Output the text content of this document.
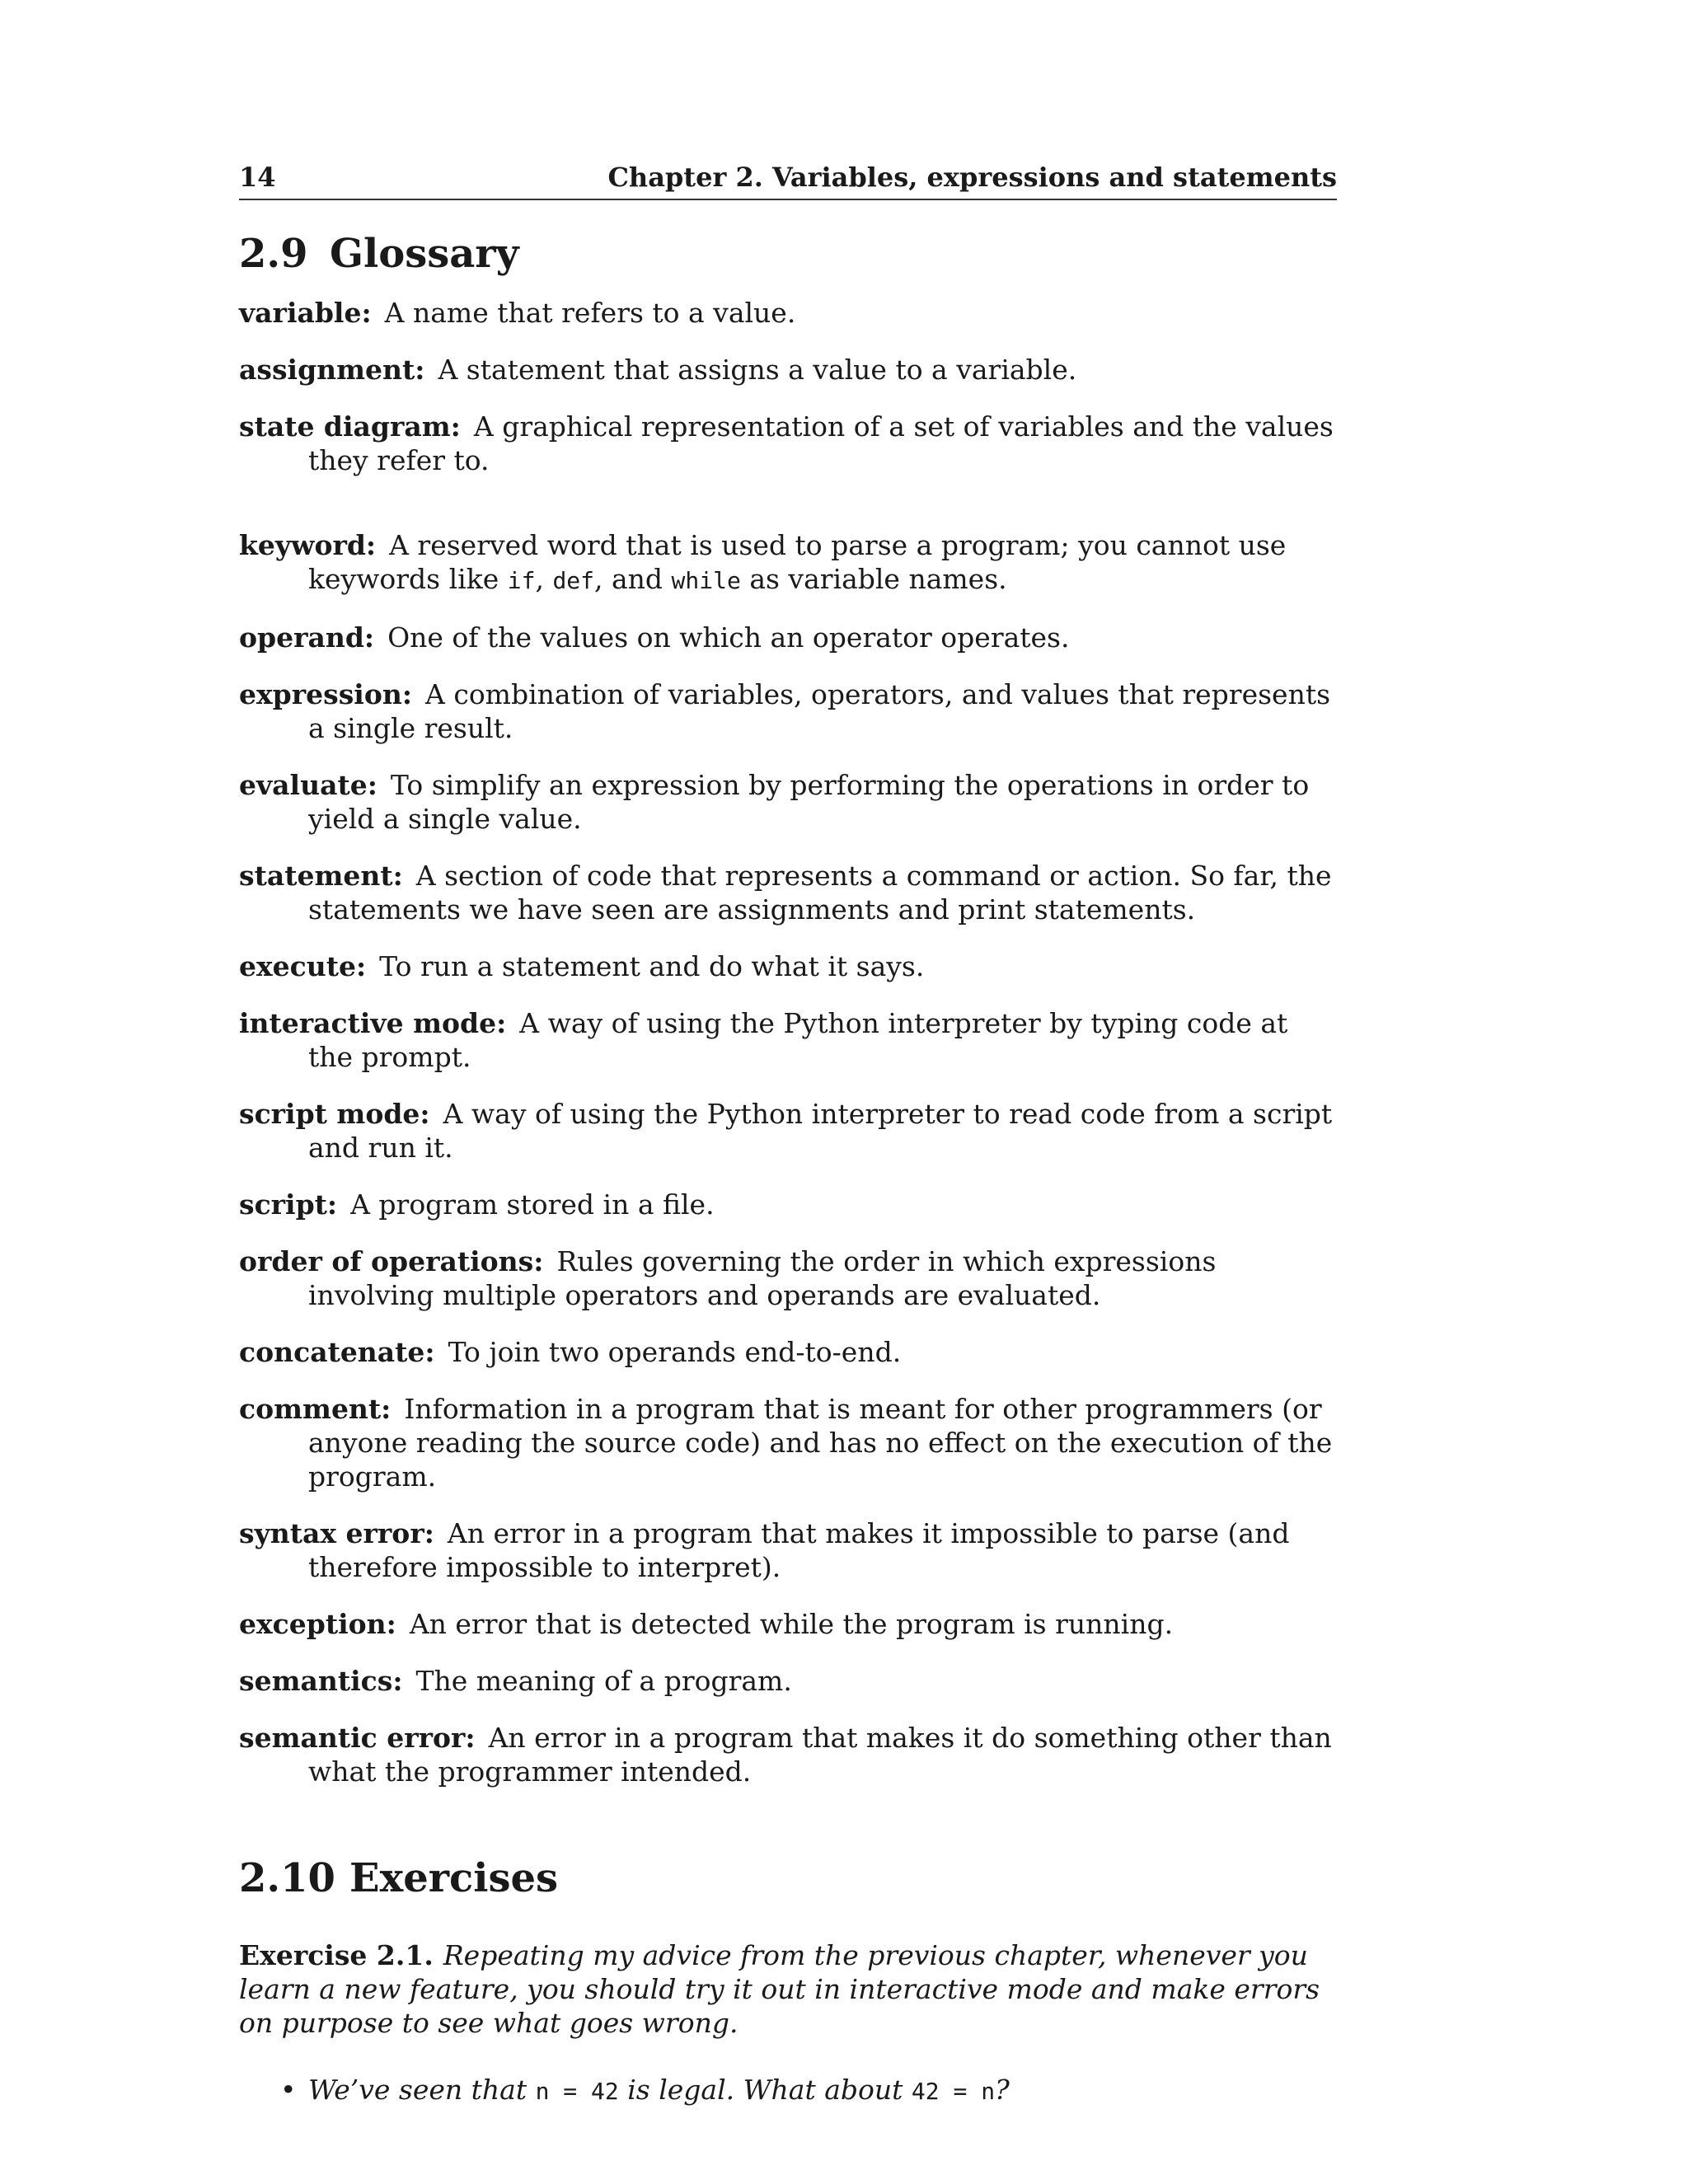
14	Chapter 2. Variables, expressions and statements
2.9 Glossary

variable: A name that refers to a value.

assignment: A statement that assigns a value to a variable.

state diagram: A graphical representation of a set of variables and the values they refer to.

keyword: A reserved word that is used to parse a program; you cannot use keywords like if, def, and while as variable names.

operand: One of the values on which an operator operates.

expression: A combination of variables, operators, and values that represents a single result.

evaluate: To simplify an expression by performing the operations in order to yield a single value.

statement: A section of code that represents a command or action. So far, the statements we have seen are assignments and print statements.

execute: To run a statement and do what it says.

interactive mode: A way of using the Python interpreter by typing code at the prompt.

script mode: A way of using the Python interpreter to read code from a script and run it.

script: A program stored in a file.

order of operations: Rules governing the order in which expressions involving multiple operators and operands are evaluated.

concatenate: To join two operands end-to-end.

comment: Information in a program that is meant for other programmers (or anyone reading the source code) and has no effect on the execution of the program.

syntax error: An error in a program that makes it impossible to parse (and therefore impossible to interpret).

exception: An error that is detected while the program is running.

semantics: The meaning of a program.

semantic error: An error in a program that makes it do something other than what the programmer intended.

2.10 Exercises

Exercise 2.1. Repeating my advice from the previous chapter, whenever you learn a new feature, you should try it out in interactive mode and make errors on purpose to see what goes wrong.

• We’ve seen that n = 42 is legal. What about 42 = n?
